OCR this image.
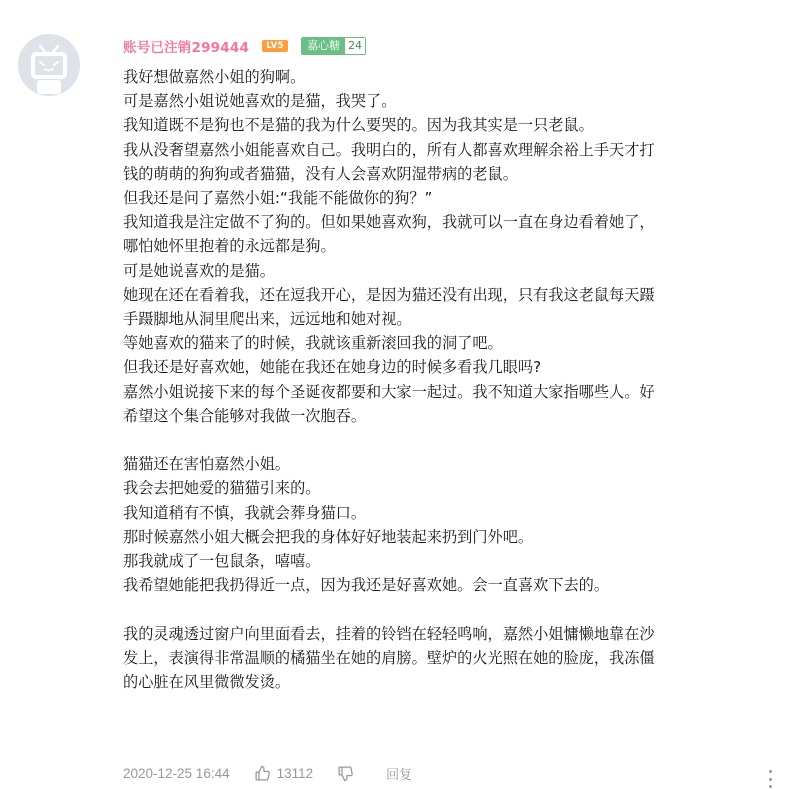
账号已注销299444	LV5	嘉心糖 24

我好想做嘉然小姐的狗啊。

可是嘉然小姐说她喜欢的是猫，我哭了。

我知道既不是狗也不是猫的我为什么要哭的。因为我其实是一只老鼠。

我从没奢望嘉然小姐能喜欢自己。我明白的，所有人都喜欢理解余裕上手天才打

钱的萌萌的狗狗或者猫猫，没有人会喜欢阴湿带病的老鼠。

但我还是问了嘉然小姐:“我能不能做你的狗？”

我知道我是注定做不了狗的。但如果她喜欢狗，我就可以一直在身边看着她了，

哪怕她怀里抱着的永远都是狗。

可是她说喜欢的是猫。

她现在还在看着我，还在逗我开心，是因为猫还没有出现，只有我这老鼠每天蹑

手蹑脚地从洞里爬出来，远远地和她对视。

等她喜欢的猫来了的时候，我就该重新滚回我的洞了吧。

但我还是好喜欢她，她能在我还在她身边的时候多看我几眼吗?

嘉然小姐说接下来的每个圣诞夜都要和大家一起过。我不知道大家指哪些人。好

希望这个集合能够对我做一次胞吞。

猫猫还在害怕嘉然小姐。

我会去把她爱的猫猫引来的。

我知道稍有不慎，我就会葬身猫口。

那时候嘉然小姐大概会把我的身体好好地装起来扔到门外吧。

那我就成了一包鼠条，嘻嘻。

我希望她能把我扔得近一点，因为我还是好喜欢她。会一直喜欢下去的。

我的灵魂透过窗户向里面看去，挂着的铃铛在轻轻鸣响，嘉然小姐慵懒地靠在沙

发上，表演得非常温顺的橘猫坐在她的肩膀。壁炉的火光照在她的脸庞，我冻僵

的心脏在风里微微发烫。

2020-12-25 16:44	13112	回复
